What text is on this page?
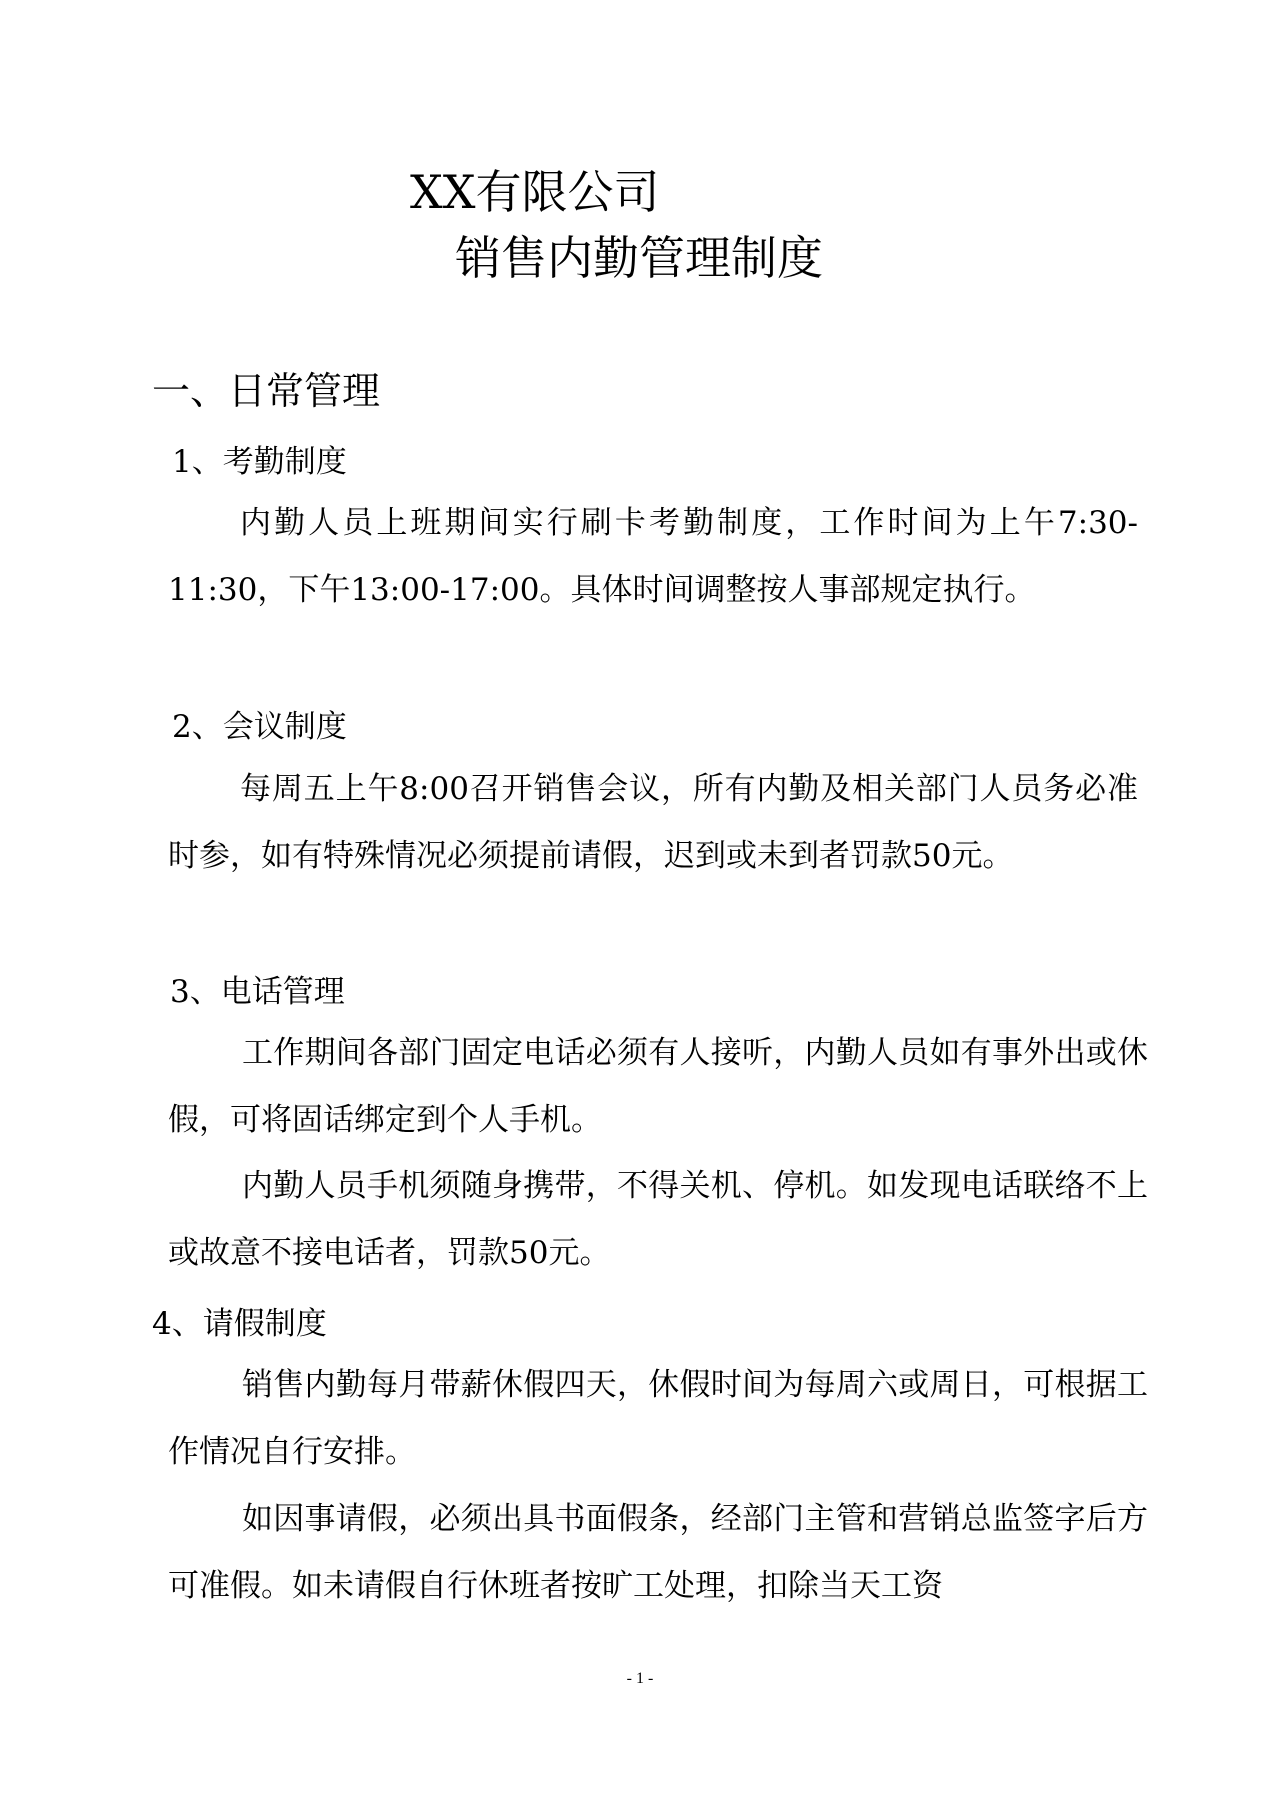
XX有限公司
销售内勤管理制度
一、日常管理
1、考勤制度

内勤人员上班期间实行刷卡考勤制度，工作时间为上午7:30-11:30，下午13:00-17:00。具体时间调整按人事部规定执行。

2、会议制度

每周五上午8:00召开销售会议，所有内勤及相关部门人员务必准时参，如有特殊情况必须提前请假，迟到或未到者罚款50元。

3、电话管理

工作期间各部门固定电话必须有人接听，内勤人员如有事外出或休假，可将固话绑定到个人手机。

内勤人员手机须随身携带，不得关机、停机。如发现电话联络不上或故意不接电话者，罚款50元。

4、请假制度

销售内勤每月带薪休假四天，休假时间为每周六或周日，可根据工作情况自行安排。

如因事请假，必须出具书面假条，经部门主管和营销总监签字后方可准假。如未请假自行休班者按旷工处理，扣除当天工资

- 1 -
